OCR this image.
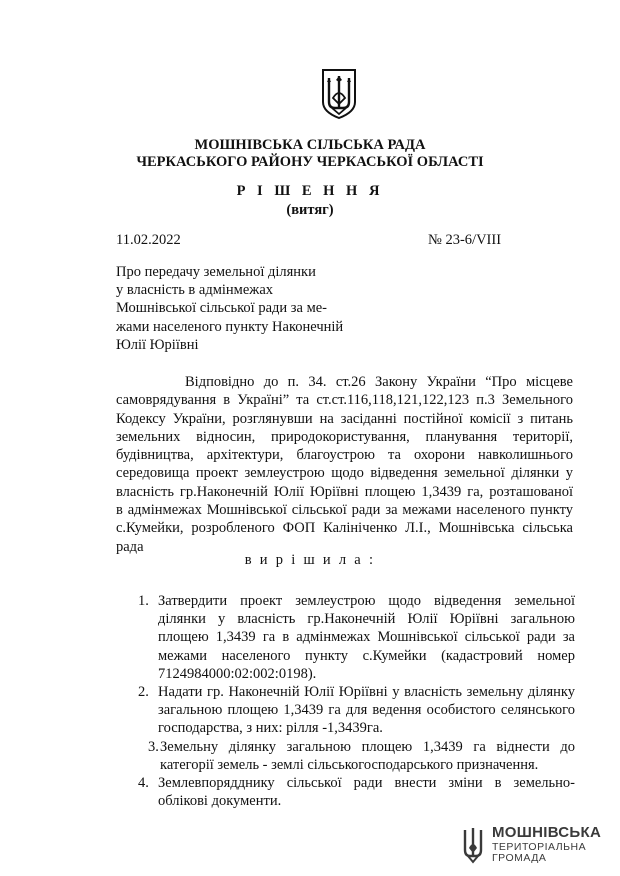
МОШНІВСЬКА СІЛЬСЬКА РАДА
ЧЕРКАСЬКОГО РАЙОНУ ЧЕРКАСЬКОЇ ОБЛАСТІ
Р І Ш Е Н Н Я
(витяг)
11.02.2022	№ 23-6/VIII
Про передачу земельної ділянки
у власність в адмінмежах
Мошнівської сільської ради за ме-
жами населеного пункту Наконечній
Юлії Юріївні
Відповідно до п. 34. ст.26 Закону України “Про місцеве
самоврядування в Україні” та ст.ст.116,118,121,122,123 п.3 Земельного
Кодексу України, розглянувши на засіданні постійної комісії з питань
земельних відносин, природокористування, планування території,
будівництва, архітектури, благоустрою та охорони навколишнього
середовища проект землеустрою щодо відведення земельної ділянки у
власність гр.Наконечній Юлії Юріївні площею 1,3439 га, розташованої
в адмінмежах Мошнівської сільської ради за межами населеного пункту
с.Кумейки, розробленого ФОП Калініченко Л.І., Мошнівська сільська
рада
в и р і ш и л а :
1. Затвердити проект землеустрою щодо відведення земельної
ділянки у власність гр.Наконечній Юлії Юріївні загальною
площею 1,3439 га в адмінмежах Мошнівської сільської ради за
межами населеного пункту с.Кумейки (кадастровий номер
7124984000:02:002:0198).
2. Надати гр. Наконечній Юлії Юріївні у власність земельну ділянку
загальною площею 1,3439 га для ведення особистого селянського
господарства, з них: рілля -1,3439га.
3. Земельну ділянку загальною площею 1,3439 га віднести до
категорії земель - землі сільськогосподарського призначення.
4. Землевпорядднику сільської ради внести зміни в земельно-
облікові документи.
МОШНІВСЬКА
ТЕРИТОРІАЛЬНА
ГРОМАДА
